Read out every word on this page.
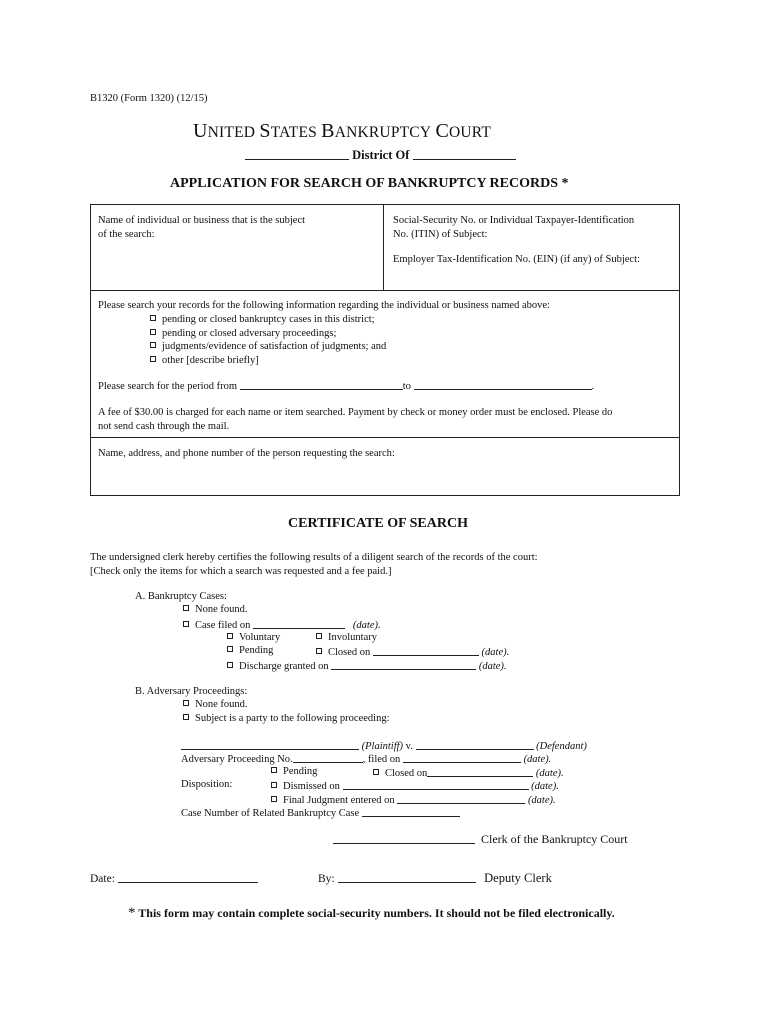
B1320 (Form 1320) (12/15)
UNITED STATES BANKRUPTCY COURT
District Of
APPLICATION FOR SEARCH OF BANKRUPTCY RECORDS *
Name of individual or business that is the subject
of the search:
Social-Security No. or Individual Taxpayer-Identification
No. (ITIN) of Subject:
Employer Tax-Identification No. (EIN) (if any) of Subject:
Please search your records for the following information regarding the individual or business named above:
pending or closed bankruptcy cases in this district;
pending or closed adversary proceedings;
judgments/evidence of satisfaction of judgments; and
other [describe briefly]
Please search for the period from	to	.
A fee of $30.00 is charged for each name or item searched. Payment by check or money order must be enclosed. Please do
not send cash through the mail.
Name, address, and phone number of the person requesting the search:
CERTIFICATE OF SEARCH
The undersigned clerk hereby certifies the following results of a diligent search of the records of the court:
[Check only the items for which a search was requested and a fee paid.]
A. Bankruptcy Cases:
None found.
Case filed on	(date).
Voluntary	Involuntary
Pending	Closed on	(date).
Discharge granted on	(date).
B. Adversary Proceedings:
None found.
Subject is a party to the following proceeding:
(Plaintiff) v.	(Defendant)
Adversary Proceeding No.	, filed on	(date).
Pending	Closed on	(date).
Disposition:	Dismissed on	(date).
Final Judgment entered on	(date).
Case Number of Related Bankruptcy Case
Clerk of the Bankruptcy Court
Date:	By:	Deputy Clerk
* This form may contain complete social-security numbers. It should not be filed electronically.
